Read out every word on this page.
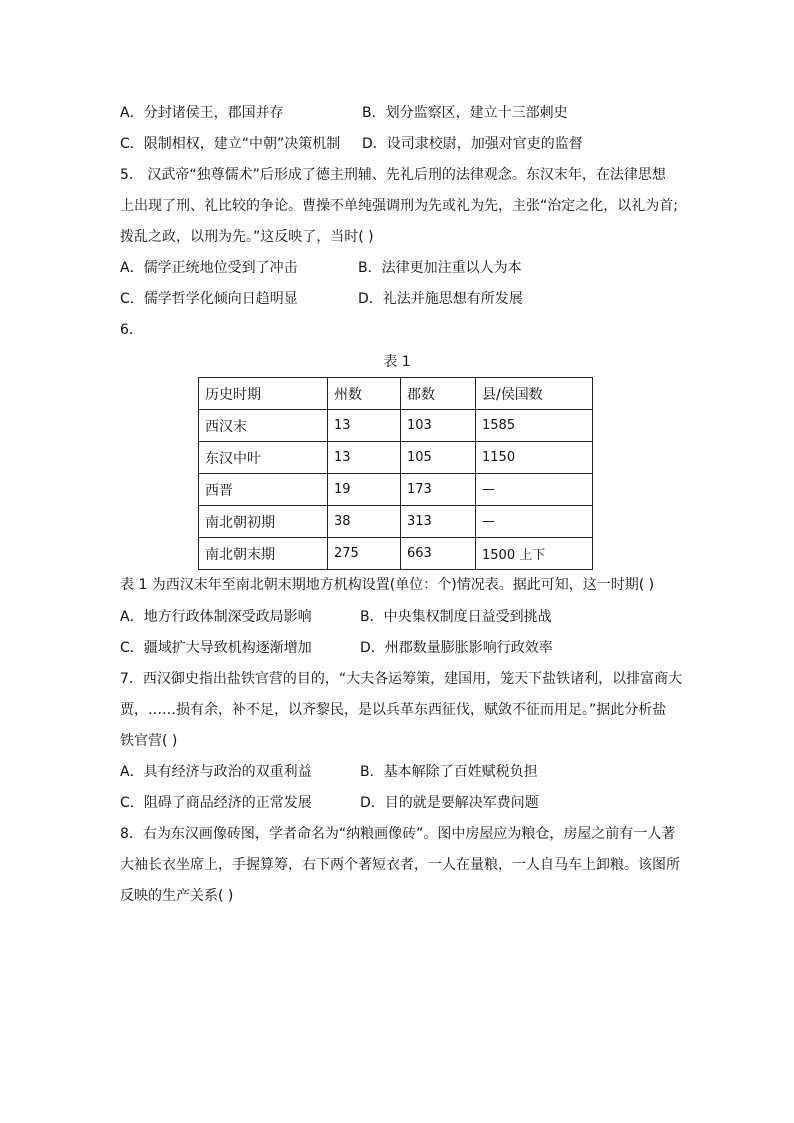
A．分封诸侯王，郡国并存	B．划分监察区，建立十三部刺史
C．限制相权，建立“中朝”决策机制 D．设司隶校尉，加强对官吏的监督
5． 汉武帝“独尊儒术”后形成了德主刑辅、先礼后刑的法律观念。东汉末年，在法律思想
上出现了刑、礼比较的争论。曹操不单纯强调刑为先或礼为先，主张“治定之化，以礼为首;
拨乱之政，以刑为先。”这反映了，当时( )
A．儒学正统地位受到了冲击	B．法律更加注重以人为本
C．儒学哲学化倾向日趋明显	D．礼法并施思想有所发展
6．
表 1
历史时期	州数	郡数	县/侯国数
西汉末	13	103	1585
东汉中叶	13	105	1150
西晋	19	173	—
南北朝初期	38	313	—
南北朝末期	275	663	1500 上下
表 1 为西汉末年至南北朝末期地方机构设置(单位：个)情况表。据此可知，这一时期( )
A．地方行政体制深受政局影响	B．中央集权制度日益受到挑战
C．疆域扩大导致机构逐渐增加	D．州郡数量膨胀影响行政效率
7．西汉御史指出盐铁官营的目的，“大夫各运筹策，建国用，笼天下盐铁诸利，以排富商大
贾，……损有余，补不足，以齐黎民，是以兵革东西征伐，赋敛不征而用足。”据此分析盐
铁官营( )
A．具有经济与政治的双重利益	B．基本解除了百姓赋税负担
C．阻碍了商品经济的正常发展	D．目的就是要解决军费问题
8．右为东汉画像砖图，学者命名为“纳粮画像砖”。图中房屋应为粮仓，房屋之前有一人著
大袖长衣坐席上，手握算筹，右下两个著短衣者，一人在量粮，一人自马车上卸粮。该图所
反映的生产关系( )
